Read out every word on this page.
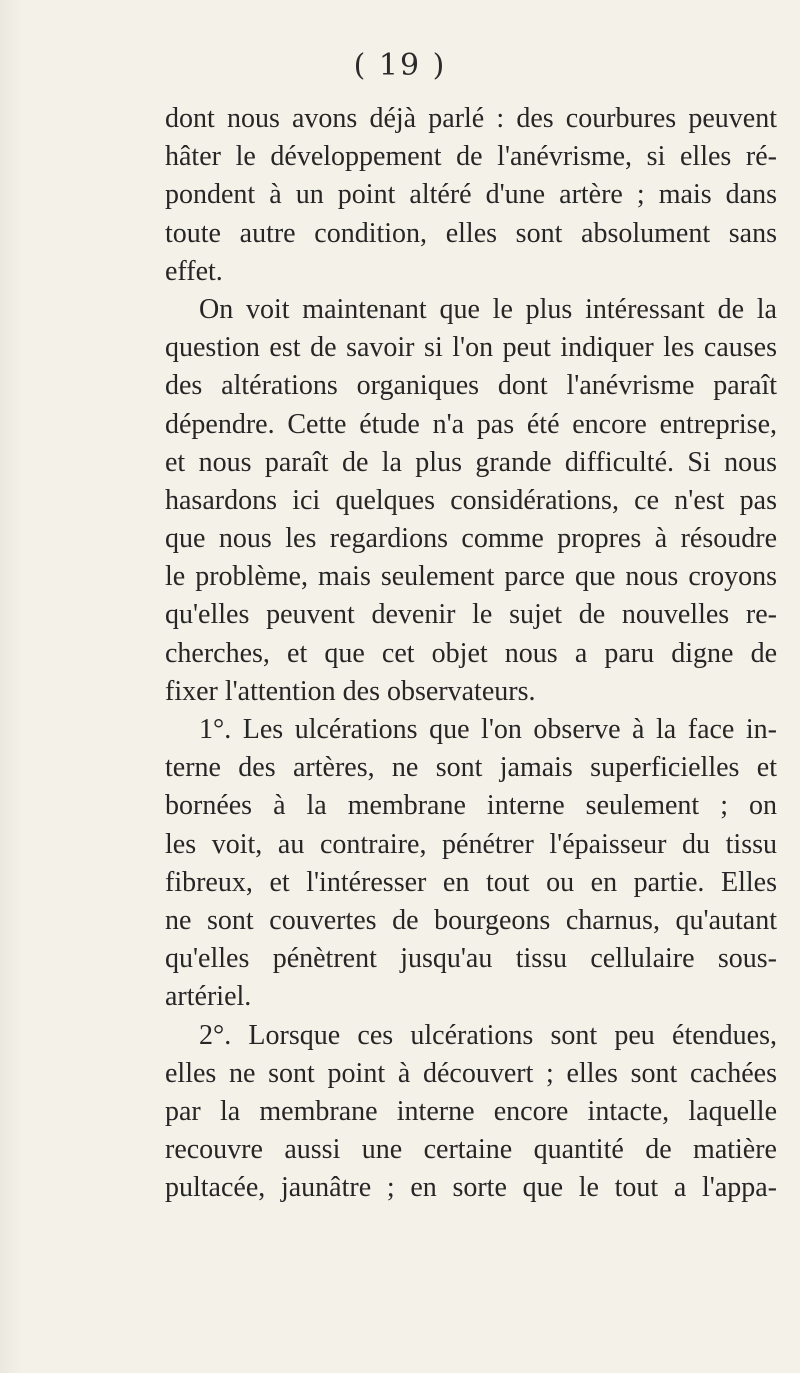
( 19 )
dont nous avons déjà parlé : des courbures peuvent
hâter le développement de l'anévrisme, si elles ré-
pondent à un point altéré d'une artère ; mais dans
toute autre condition, elles sont absolument sans
effet.
On voit maintenant que le plus intéressant de la
question est de savoir si l'on peut indiquer les causes
des altérations organiques dont l'anévrisme paraît
dépendre. Cette étude n'a pas été encore entreprise,
et nous paraît de la plus grande difficulté. Si nous
hasardons ici quelques considérations, ce n'est pas
que nous les regardions comme propres à résoudre
le problème, mais seulement parce que nous croyons
qu'elles peuvent devenir le sujet de nouvelles re-
cherches, et que cet objet nous a paru digne de
fixer l'attention des observateurs.
1°. Les ulcérations que l'on observe à la face in-
terne des artères, ne sont jamais superficielles et
bornées à la membrane interne seulement ; on
les voit, au contraire, pénétrer l'épaisseur du tissu
fibreux, et l'intéresser en tout ou en partie. Elles
ne sont couvertes de bourgeons charnus, qu'autant
qu'elles pénètrent jusqu'au tissu cellulaire sous-
artériel.
2°. Lorsque ces ulcérations sont peu étendues,
elles ne sont point à découvert ; elles sont cachées
par la membrane interne encore intacte, laquelle
recouvre aussi une certaine quantité de matière
pultacée, jaunâtre ; en sorte que le tout a l'appa-
